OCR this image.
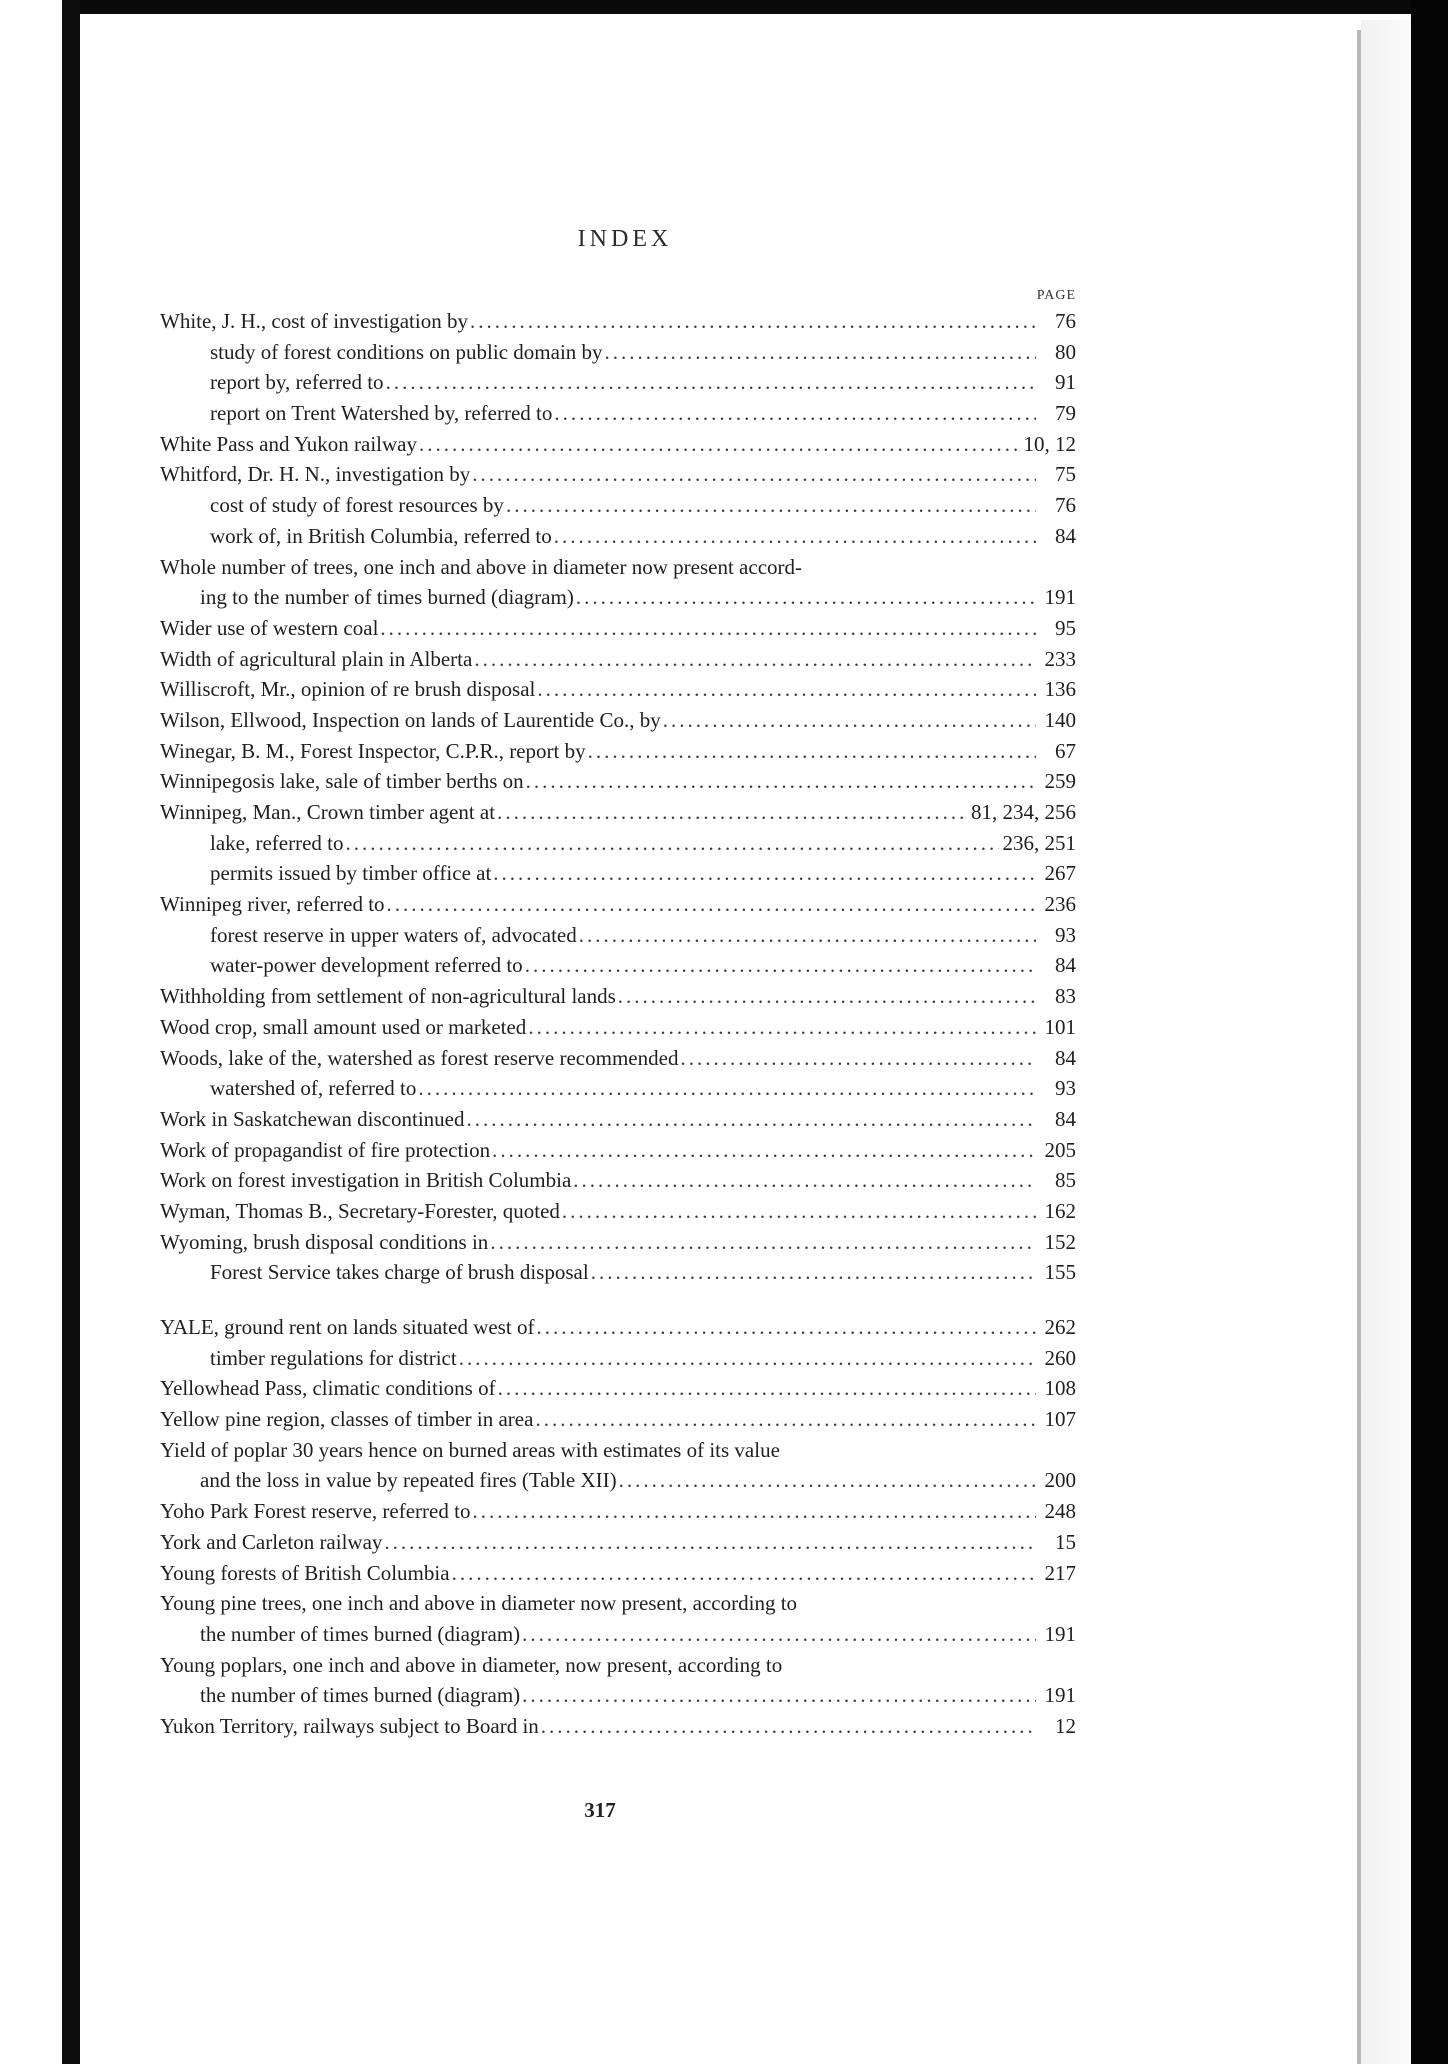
INDEX
PAGE
White, J. H., cost of investigation by .....	76
study of forest conditions on public domain by .....	80
report by, referred to .....	91
report on Trent Watershed by, referred to .....	79
White Pass and Yukon railway .....	10, 12
Whitford, Dr. H. N., investigation by .....	75
cost of study of forest resources by .....	76
work of, in British Columbia, referred to .....	84
Whole number of trees, one inch and above in diameter now present accord-
ing to the number of times burned (diagram) .....	191
Wider use of western coal .....	95
Width of agricultural plain in Alberta .....	233
Williscroft, Mr., opinion of re brush disposal .....	136
Wilson, Ellwood, Inspection on lands of Laurentide Co., by .....	140
Winegar, B. M., Forest Inspector, C.P.R., report by .....	67
Winnipegosis lake, sale of timber berths on .....	259
Winnipeg, Man., Crown timber agent at .....	81, 234, 256
lake, referred to .....	236, 251
permits issued by timber office at .....	267
Winnipeg river, referred to .....	236
forest reserve in upper waters of, advocated .....	93
water-power development referred to .....	84
Withholding from settlement of non-agricultural lands .....	83
Wood crop, small amount used or marketed .....	101
Woods, lake of the, watershed as forest reserve recommended .....	84
watershed of, referred to .....	93
Work in Saskatchewan discontinued .....	84
Work of propagandist of fire protection .....	205
Work on forest investigation in British Columbia .....	85
Wyman, Thomas B., Secretary-Forester, quoted .....	162
Wyoming, brush disposal conditions in .....	152
Forest Service takes charge of brush disposal .....	155
YALE, ground rent on lands situated west of .....	262
timber regulations for district .....	260
Yellowhead Pass, climatic conditions of .....	108
Yellow pine region, classes of timber in area .....	107
Yield of poplar 30 years hence on burned areas with estimates of its value
and the loss in value by repeated fires (Table XII) .....	200
Yoho Park Forest reserve, referred to .....	248
York and Carleton railway .....	15
Young forests of British Columbia .....	217
Young pine trees, one inch and above in diameter now present, according to
the number of times burned (diagram) .....	191
Young poplars, one inch and above in diameter, now present, according to
the number of times burned (diagram) .....	191
Yukon Territory, railways subject to Board in .....	12
317
